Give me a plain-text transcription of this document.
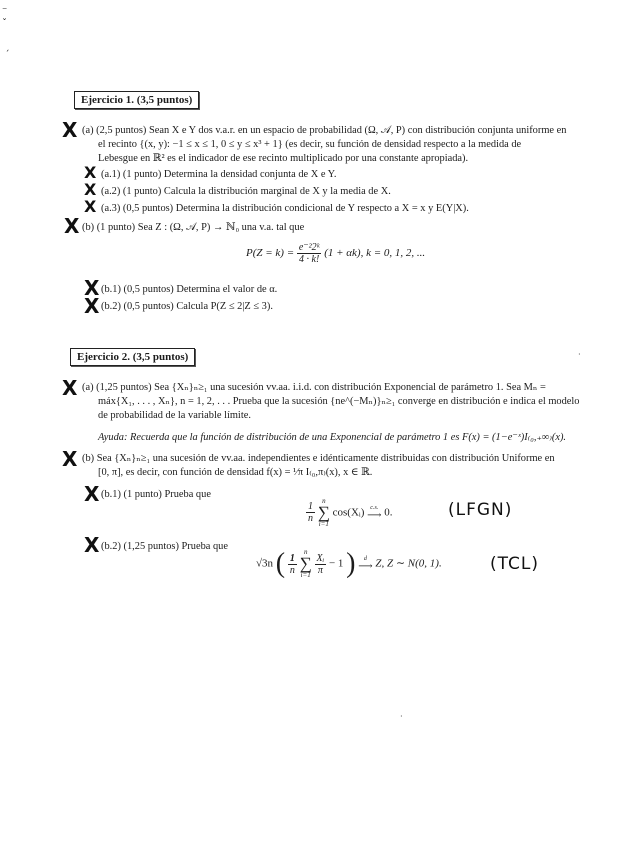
⁻
ˇ
ˊ
Ejercicio 1. (3,5 puntos)
X (a) (2,5 puntos) Sean X e Y dos v.a.r. en un espacio de probabilidad (Ω, 𝒜, P) con distribución conjunta uniforme en
el recinto {(x, y): −1 ≤ x ≤ 1, 0 ≤ y ≤ x³ + 1} (es decir, su función de densidad respecto a la medida de
Lebesgue en ℝ² es el indicador de ese recinto multiplicado por una constante apropiada).
X (a.1) (1 punto) Determina la densidad conjunta de X e Y.
X (a.2) (1 punto) Calcula la distribución marginal de X y la media de X.
X (a.3) (0,5 puntos) Determina la distribución condicional de Y respecto a X = x y E(Y|X).
X (b) (1 punto) Sea Z : (Ω, 𝒜, P) → ℕ₀ una v.a. tal que
$P(Z = k) = \frac{\text{e⁻²2ᵏ}}{4 \cdot k!} (1 + \alpha k)$, k = 0, 1, 2, ...
X (b.1) (0,5 puntos) Determina el valor de α.
X (b.2) (0,5 puntos) Calcula P(Z ≤ 2|Z ≤ 3).
Ejercicio 2. (3,5 puntos)
X (a) (1,25 puntos) Sea {Xₙ}ₙ≥₁ una sucesión vv.aa. i.i.d. con distribución Exponencial de parámetro 1. Sea Mₙ =
máx{X₁, . . . , Xₙ}, n = 1, 2, . . . Prueba que la sucesión {ne^(−Mₙ)}ₙ≥₁ converge en distribución e indica el modelo
de probabilidad de la variable límite.
Ayuda: Recuerda que la función de distribución de una Exponencial de parámetro 1 es F(x) = (1−e⁻ˣ)I₍₀,₊∞₎(x).
X (b) Sea {Xₙ}ₙ≥₁ una sucesión de vv.aa. independientes e idénticamente distribuidas con distribución Uniforme en
[0, π], es decir, con función de densidad f(x) = ¹⁄π I₍₀,π₎(x), x ∈ ℝ.
X (b.1) (1 punto) Prueba que
$\frac{1}{n}$

n
∑
i=1
cos(Xᵢ) c.s.
⟶ 0.	(LFGN)
X (b.2) (1,25 puntos) Prueba que
√3n ( $\frac{1}{n}$

n
∑
i=1
$\frac{\text{Xᵢ}}{\pi} - 1$ )	d
⟶ Z, Z ∼ N(0, 1).	(TCL)
·
·
